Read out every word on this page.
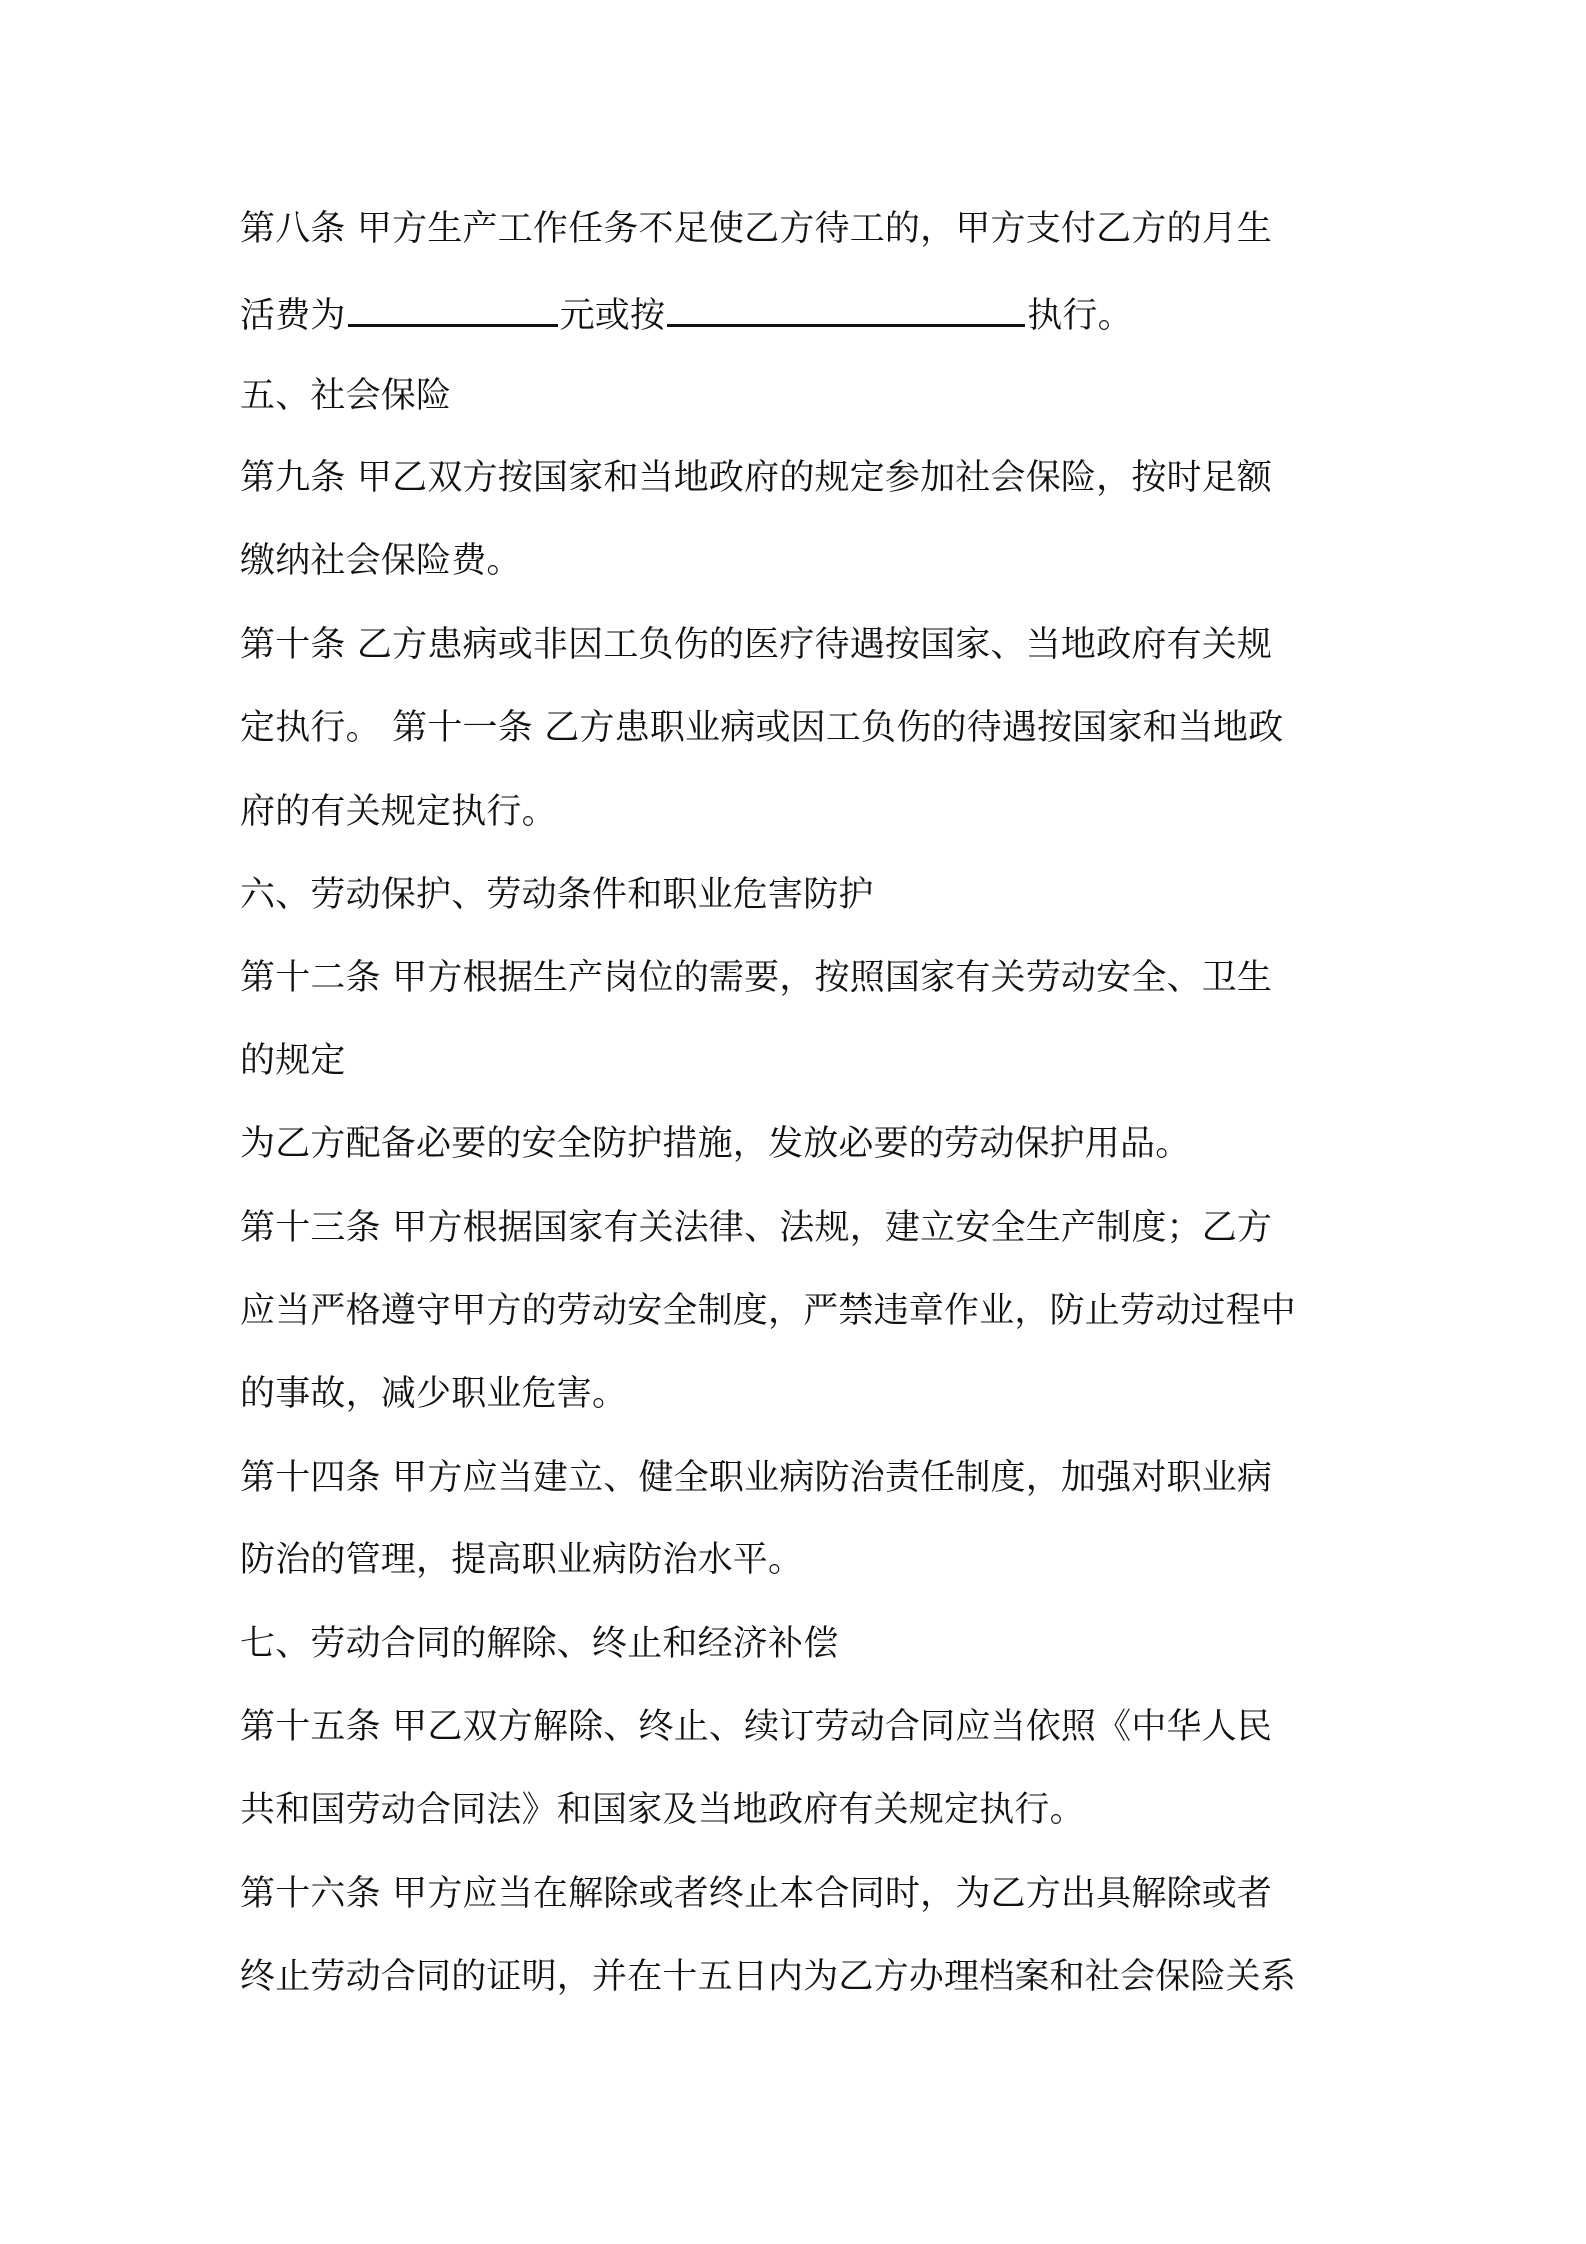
第八条 甲方生产工作任务不足使乙方待工的，甲方支付乙方的月生

活费为	元或按	执行。

五、社会保险

第九条 甲乙双方按国家和当地政府的规定参加社会保险，按时足额

缴纳社会保险费。

第十条 乙方患病或非因工负伤的医疗待遇按国家、当地政府有关规

定执行。 第十一条 乙方患职业病或因工负伤的待遇按国家和当地政

府的有关规定执行。

六、劳动保护、劳动条件和职业危害防护

第十二条 甲方根据生产岗位的需要，按照国家有关劳动安全、卫生

的规定

为乙方配备必要的安全防护措施，发放必要的劳动保护用品。

第十三条 甲方根据国家有关法律、法规，建立安全生产制度；乙方

应当严格遵守甲方的劳动安全制度，严禁违章作业，防止劳动过程中

的事故，减少职业危害。

第十四条 甲方应当建立、健全职业病防治责任制度，加强对职业病

防治的管理，提高职业病防治水平。

七、劳动合同的解除、终止和经济补偿

第十五条 甲乙双方解除、终止、续订劳动合同应当依照《中华人民

共和国劳动合同法》和国家及当地政府有关规定执行。

第十六条 甲方应当在解除或者终止本合同时，为乙方出具解除或者

终止劳动合同的证明，并在十五日内为乙方办理档案和社会保险关系
